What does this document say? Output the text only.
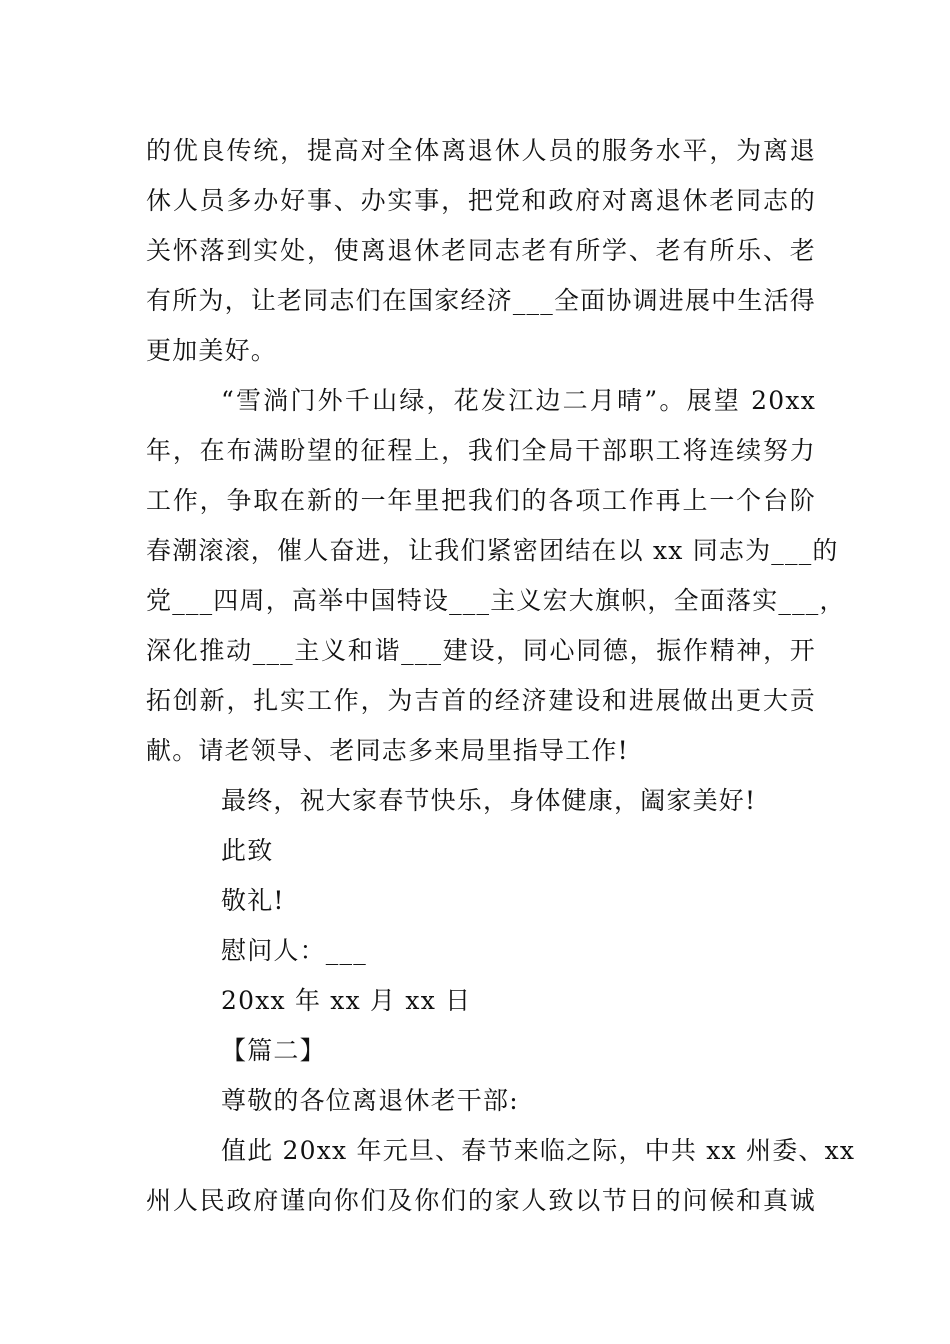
的优良传统，提高对全体离退休人员的服务水平，为离退
休人员多办好事、办实事，把党和政府对离退休老同志的
关怀落到实处，使离退休老同志老有所学、老有所乐、老
有所为，让老同志们在国家经济___全面协调进展中生活得
更加美好。
“雪淌门外千山绿，花发江边二月晴”。展望 20xx
年，在布满盼望的征程上，我们全局干部职工将连续努力
工作，争取在新的一年里把我们的各项工作再上一个台阶
春潮滚滚，催人奋进，让我们紧密团结在以 xx 同志为___的
党___四周，高举中国特设___主义宏大旗帜，全面落实___，
深化推动___主义和谐___建设，同心同德，振作精神，开
拓创新，扎实工作，为吉首的经济建设和进展做出更大贡
献。请老领导、老同志多来局里指导工作!
最终，祝大家春节快乐，身体健康，阖家美好!
此致
敬礼!
慰问人：___
20xx 年 xx 月 xx 日
【篇二】
尊敬的各位离退休老干部:
值此 20xx 年元旦、春节来临之际，中共 xx 州委、xx
州人民政府谨向你们及你们的家人致以节日的问候和真诚
